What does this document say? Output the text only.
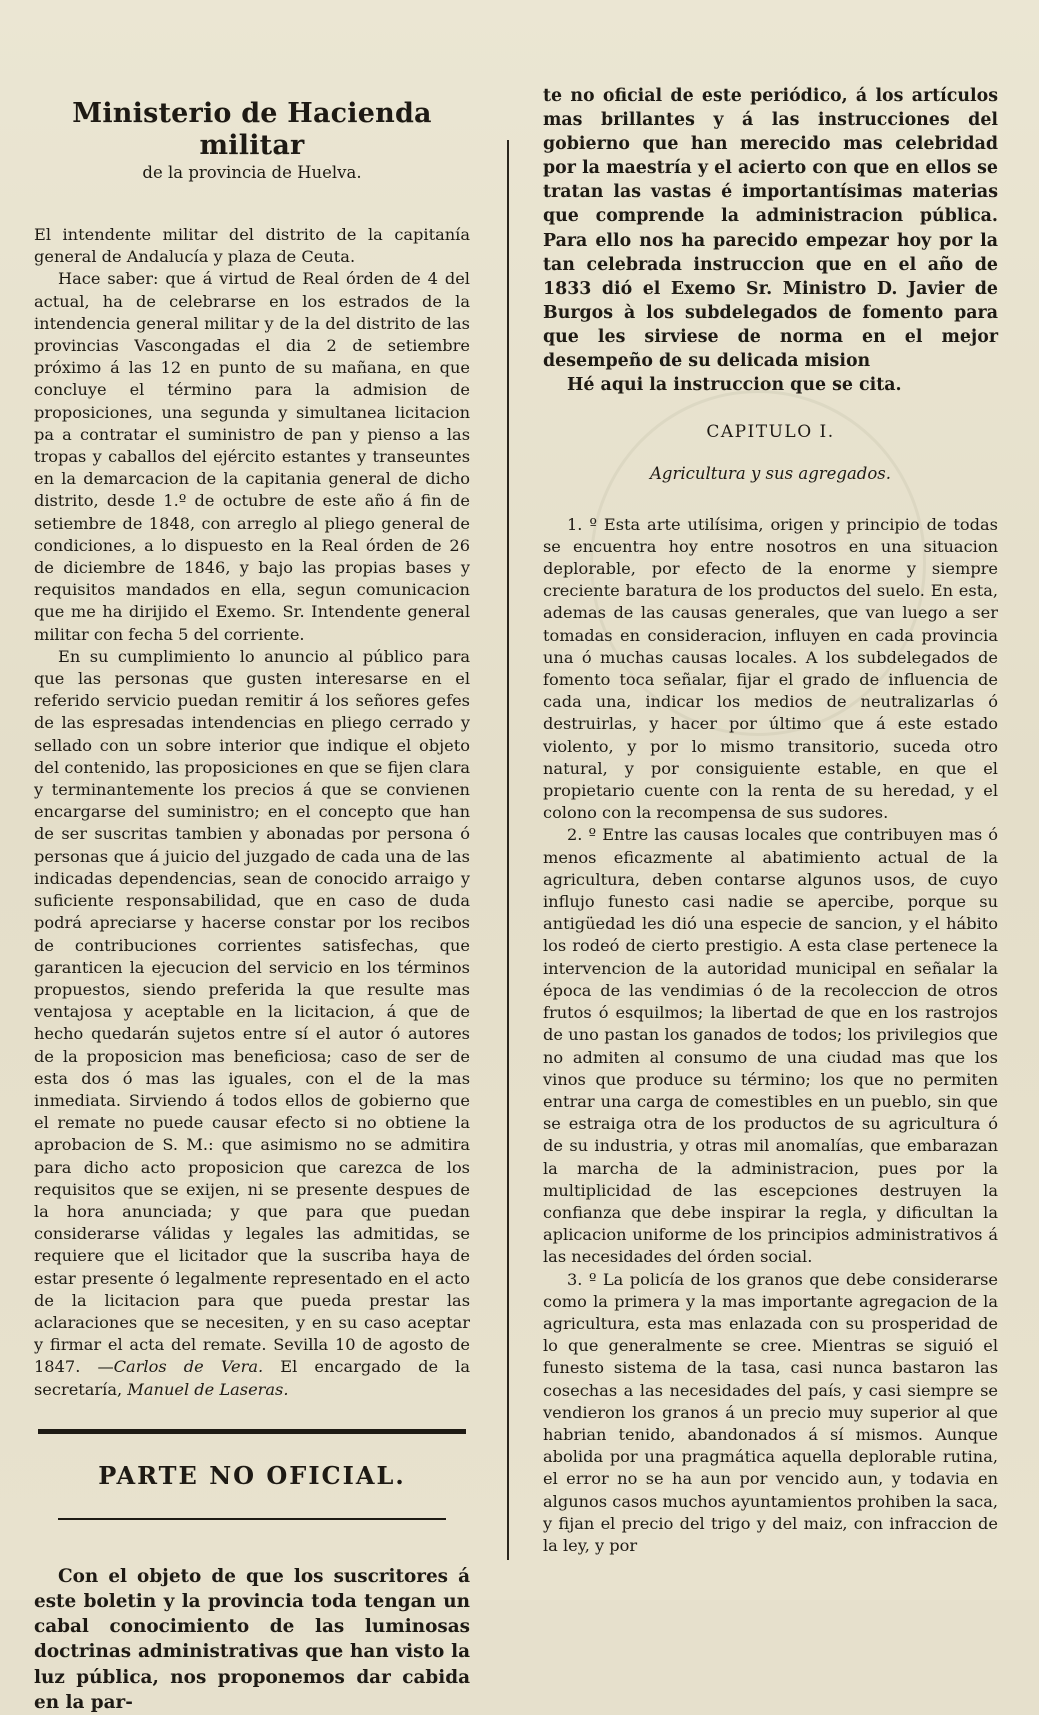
Ministerio de Hacienda militar
de la provincia de Huelva.

El intendente militar del distrito de la capitanía general de Andalucía y plaza de Ceuta.

Hace saber: que á virtud de Real órden de 4 del actual, ha de celebrarse en los estrados de la intendencia general militar y de la del distrito de las provincias Vascongadas el dia 2 de setiembre próximo á las 12 en punto de su mañana, en que concluye el término para la admision de proposiciones, una segunda y simultanea licitacion pa a contratar el suministro de pan y pienso a las tropas y caballos del ejército estantes y transeuntes en la demarcacion de la capitania general de dicho distrito, desde 1.º de octubre de este año á fin de setiembre de 1848, con arreglo al pliego general de condiciones, a lo dispuesto en la Real órden de 26 de diciembre de 1846, y bajo las propias bases y requisitos mandados en ella, segun comunicacion que me ha dirijido el Exemo. Sr. Intendente general militar con fecha 5 del corriente.

En su cumplimiento lo anuncio al público para que las personas que gusten interesarse en el referido servicio puedan remitir á los señores gefes de las espresadas intendencias en pliego cerrado y sellado con un sobre interior que indique el objeto del contenido, las proposiciones en que se fijen clara y terminantemente los precios á que se convienen encargarse del suministro; en el concepto que han de ser suscritas tambien y abonadas por persona ó personas que á juicio del juzgado de cada una de las indicadas dependencias, sean de conocido arraigo y suficiente responsabilidad, que en caso de duda podrá apreciarse y hacerse constar por los recibos de contribuciones corrientes satisfechas, que garanticen la ejecucion del servicio en los términos propuestos, siendo preferida la que resulte mas ventajosa y aceptable en la licitacion, á que de hecho quedarán sujetos entre sí el autor ó autores de la proposicion mas beneficiosa; caso de ser de esta dos ó mas las iguales, con el de la mas inmediata. Sirviendo á todos ellos de gobierno que el remate no puede causar efecto si no obtiene la aprobacion de S. M.: que asimismo no se admitira para dicho acto proposicion que carezca de los requisitos que se exijen, ni se presente despues de la hora anunciada; y que para que puedan considerarse válidas y legales las admitidas, se requiere que el licitador que la suscriba haya de estar presente ó legalmente representado en el acto de la licitacion para que pueda prestar las aclaraciones que se necesiten, y en su caso aceptar y firmar el acta del remate. Sevilla 10 de agosto de 1847. —Carlos de Vera. El encargado de la secretaría, Manuel de Laseras.

PARTE NO OFICIAL.

Con el objeto de que los suscritores á este boletin y la provincia toda tengan un cabal conocimiento de las luminosas doctrinas administrativas que han visto la luz pública, nos proponemos dar cabida en la par-

te no oficial de este periódico, á los artículos mas brillantes y á las instrucciones del gobierno que han merecido mas celebridad por la maestría y el acierto con que en ellos se tratan las vastas é importantísimas materias que comprende la administracion pública. Para ello nos ha parecido empezar hoy por la tan celebrada instruccion que en el año de 1833 dió el Exemo Sr. Ministro D. Javier de Burgos à los subdelegados de fomento para que les sirviese de norma en el mejor desempeño de su delicada mision

Hé aqui la instruccion que se cita.

CAPITULO I.
Agricultura y sus agregados.

1. º Esta arte utilísima, origen y principio de todas se encuentra hoy entre nosotros en una situacion deplorable, por efecto de la enorme y siempre creciente baratura de los productos del suelo. En esta, ademas de las causas generales, que van luego a ser tomadas en consideracion, influyen en cada provincia una ó muchas causas locales. A los subdelegados de fomento toca señalar, fijar el grado de influencia de cada una, indicar los medios de neutralizarlas ó destruirlas, y hacer por último que á este estado violento, y por lo mismo transitorio, suceda otro natural, y por consiguiente estable, en que el propietario cuente con la renta de su heredad, y el colono con la recompensa de sus sudores.

2. º Entre las causas locales que contribuyen mas ó menos eficazmente al abatimiento actual de la agricultura, deben contarse algunos usos, de cuyo influjo funesto casi nadie se apercibe, porque su antigüedad les dió una especie de sancion, y el hábito los rodeó de cierto prestigio. A esta clase pertenece la intervencion de la autoridad municipal en señalar la época de las vendimias ó de la recoleccion de otros frutos ó esquilmos; la libertad de que en los rastrojos de uno pastan los ganados de todos; los privilegios que no admiten al consumo de una ciudad mas que los vinos que produce su término; los que no permiten entrar una carga de comestibles en un pueblo, sin que se estraiga otra de los productos de su agricultura ó de su industria, y otras mil anomalías, que embarazan la marcha de la administracion, pues por la multiplicidad de las escepciones destruyen la confianza que debe inspirar la regla, y dificultan la aplicacion uniforme de los principios administrativos á las necesidades del órden social.

3. º La policía de los granos que debe considerarse como la primera y la mas importante agregacion de la agricultura, esta mas enlazada con su prosperidad de lo que generalmente se cree. Mientras se siguió el funesto sistema de la tasa, casi nunca bastaron las cosechas a las necesidades del país, y casi siempre se vendieron los granos á un precio muy superior al que habrian tenido, abandonados á sí mismos. Aunque abolida por una pragmática aquella deplorable rutina, el error no se ha aun por vencido aun, y todavia en algunos casos muchos ayuntamientos prohiben la saca, y fijan el precio del trigo y del maiz, con infraccion de la ley, y por
